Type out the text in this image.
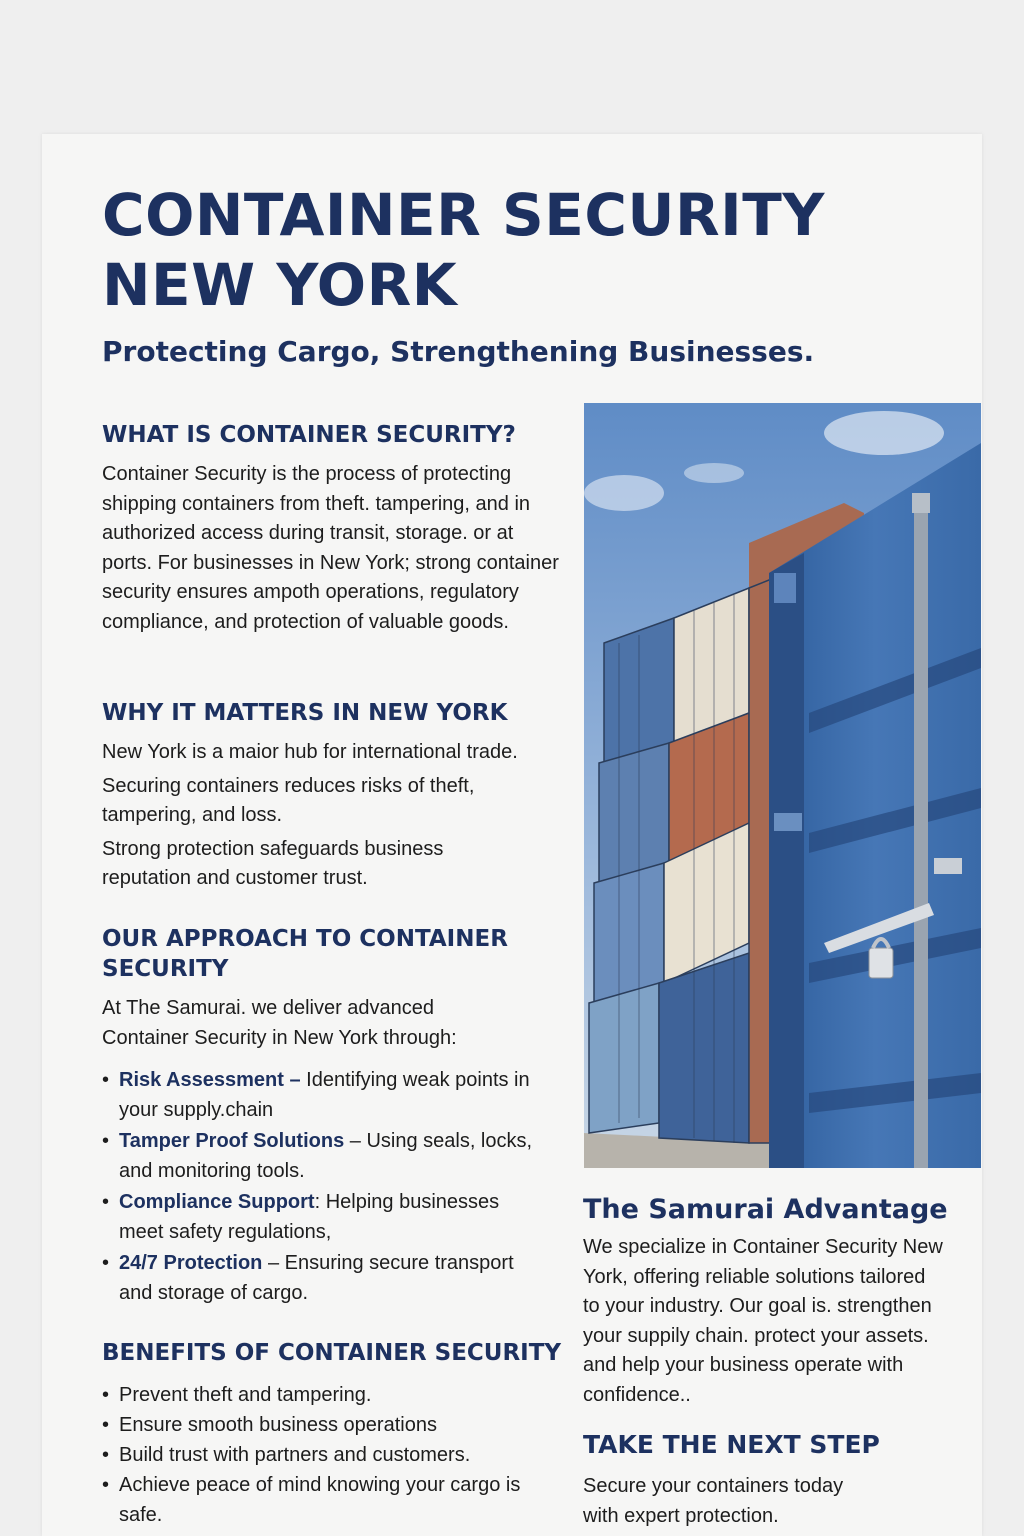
CONTAINER SECURITY NEW YORK
Protecting Cargo, Strengthening Businesses.
WHAT IS CONTAINER SECURITY?

Container Security is the process of protecting shipping containers from theft. tampering, and in authorized access during transit, storage. or at ports. For businesses in New York; strong container security ensures ampoth operations, regulatory compliance, and protection of valuable goods.

WHY IT MATTERS IN NEW YORK

New York is a maior hub for international trade.

Securing containers reduces risks of theft, tampering, and loss.

Strong protection safeguards business reputation and customer trust.

OUR APPROACH TO CONTAINER SECURITY

At The Samurai. we deliver advanced Container Security in New York through:

• Risk Assessment – Identifying weak points in your supply.chain
• Tamper Proof Solutions – Using seals, locks, and monitoring tools.
• Compliance Support: Helping businesses meet safety regulations,
• 24/7 Protection – Ensuring secure transport and storage of cargo.
BENEFITS OF CONTAINER SECURITY
• Prevent theft and tampering.
• Ensure smooth business operations
• Build trust with partners and customers.
• Achieve peace of mind knowing your cargo is safe.
The Samurai Advantage

We specialize in Container Security New York, offering reliable solutions tailored to your industry. Our goal is. strengthen your suppily chain. protect your assets. and help your business operate with confidence..

TAKE THE NEXT STEP

Secure your containers today with expert protection.
